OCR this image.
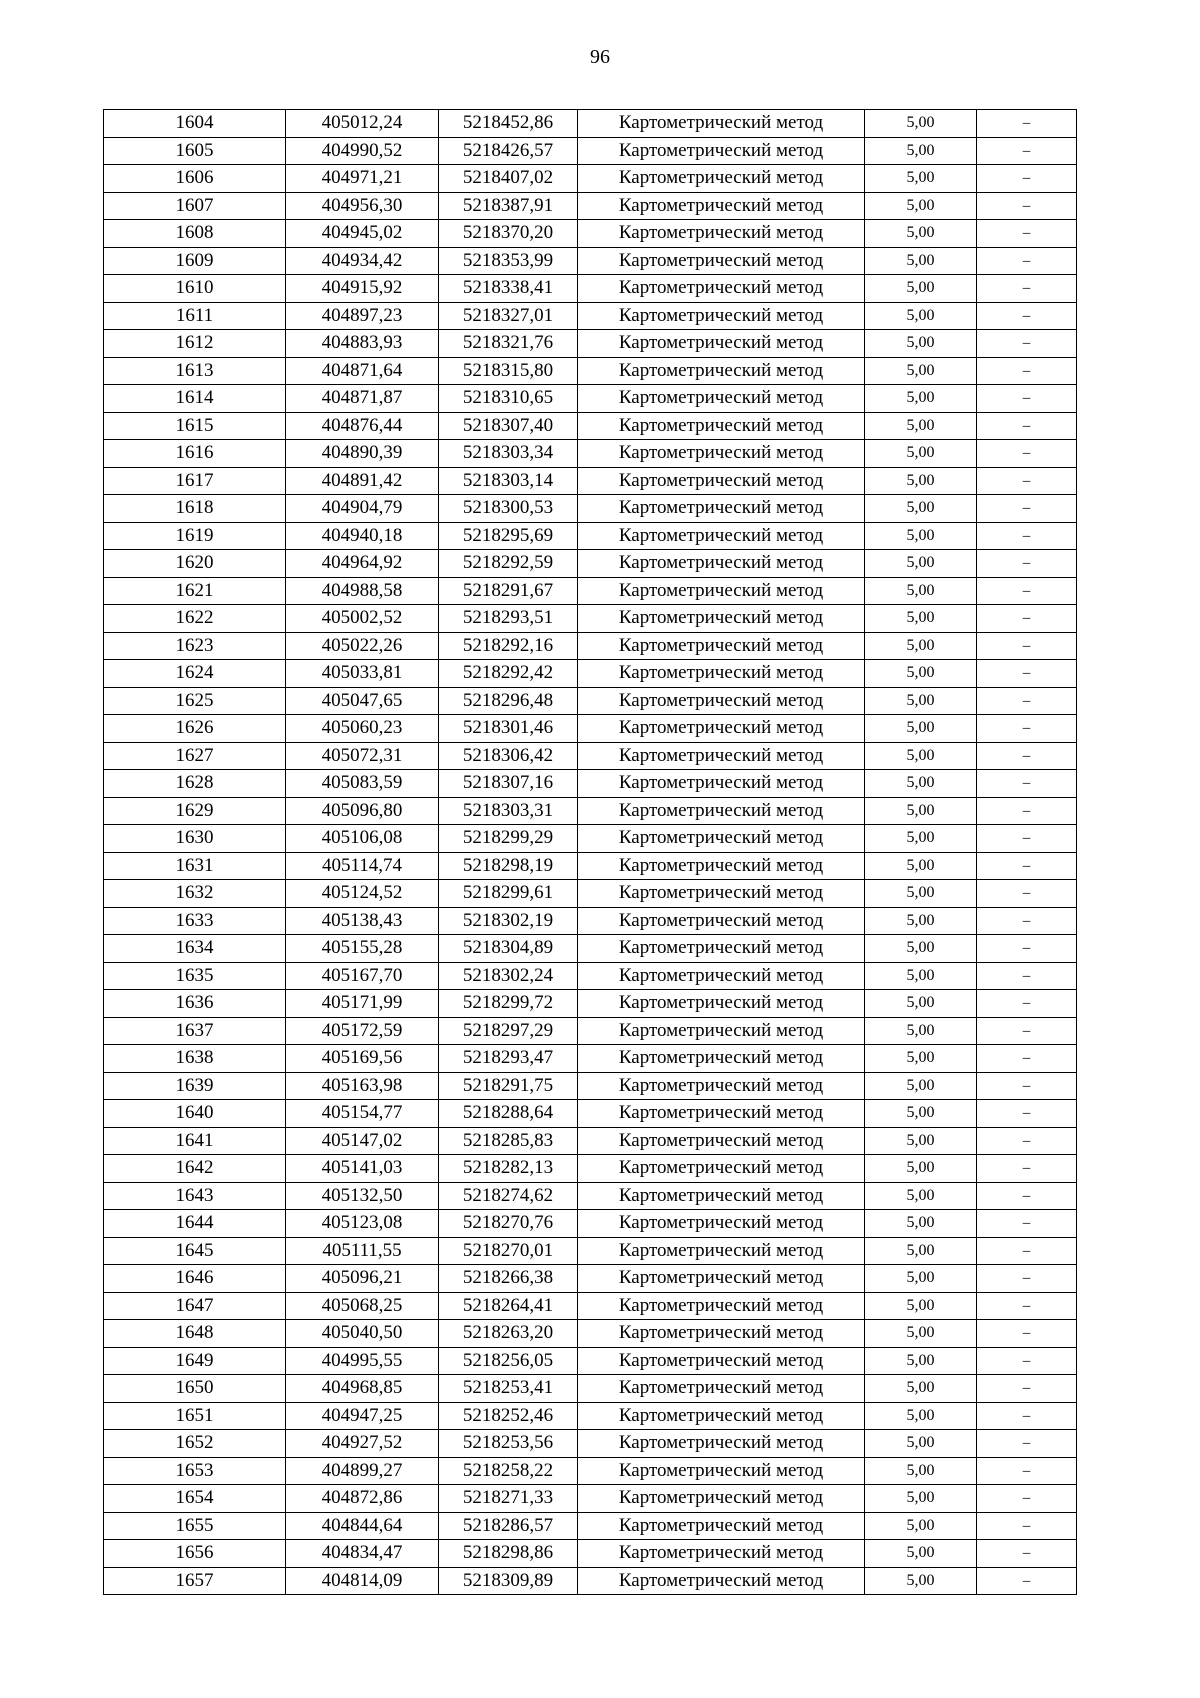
96
1604	405012,24	5218452,86	Картометрический метод	5,00	–
1605	404990,52	5218426,57	Картометрический метод	5,00	–
1606	404971,21	5218407,02	Картометрический метод	5,00	–
1607	404956,30	5218387,91	Картометрический метод	5,00	–
1608	404945,02	5218370,20	Картометрический метод	5,00	–
1609	404934,42	5218353,99	Картометрический метод	5,00	–
1610	404915,92	5218338,41	Картометрический метод	5,00	–
1611	404897,23	5218327,01	Картометрический метод	5,00	–
1612	404883,93	5218321,76	Картометрический метод	5,00	–
1613	404871,64	5218315,80	Картометрический метод	5,00	–
1614	404871,87	5218310,65	Картометрический метод	5,00	–
1615	404876,44	5218307,40	Картометрический метод	5,00	–
1616	404890,39	5218303,34	Картометрический метод	5,00	–
1617	404891,42	5218303,14	Картометрический метод	5,00	–
1618	404904,79	5218300,53	Картометрический метод	5,00	–
1619	404940,18	5218295,69	Картометрический метод	5,00	–
1620	404964,92	5218292,59	Картометрический метод	5,00	–
1621	404988,58	5218291,67	Картометрический метод	5,00	–
1622	405002,52	5218293,51	Картометрический метод	5,00	–
1623	405022,26	5218292,16	Картометрический метод	5,00	–
1624	405033,81	5218292,42	Картометрический метод	5,00	–
1625	405047,65	5218296,48	Картометрический метод	5,00	–
1626	405060,23	5218301,46	Картометрический метод	5,00	–
1627	405072,31	5218306,42	Картометрический метод	5,00	–
1628	405083,59	5218307,16	Картометрический метод	5,00	–
1629	405096,80	5218303,31	Картометрический метод	5,00	–
1630	405106,08	5218299,29	Картометрический метод	5,00	–
1631	405114,74	5218298,19	Картометрический метод	5,00	–
1632	405124,52	5218299,61	Картометрический метод	5,00	–
1633	405138,43	5218302,19	Картометрический метод	5,00	–
1634	405155,28	5218304,89	Картометрический метод	5,00	–
1635	405167,70	5218302,24	Картометрический метод	5,00	–
1636	405171,99	5218299,72	Картометрический метод	5,00	–
1637	405172,59	5218297,29	Картометрический метод	5,00	–
1638	405169,56	5218293,47	Картометрический метод	5,00	–
1639	405163,98	5218291,75	Картометрический метод	5,00	–
1640	405154,77	5218288,64	Картометрический метод	5,00	–
1641	405147,02	5218285,83	Картометрический метод	5,00	–
1642	405141,03	5218282,13	Картометрический метод	5,00	–
1643	405132,50	5218274,62	Картометрический метод	5,00	–
1644	405123,08	5218270,76	Картометрический метод	5,00	–
1645	405111,55	5218270,01	Картометрический метод	5,00	–
1646	405096,21	5218266,38	Картометрический метод	5,00	–
1647	405068,25	5218264,41	Картометрический метод	5,00	–
1648	405040,50	5218263,20	Картометрический метод	5,00	–
1649	404995,55	5218256,05	Картометрический метод	5,00	–
1650	404968,85	5218253,41	Картометрический метод	5,00	–
1651	404947,25	5218252,46	Картометрический метод	5,00	–
1652	404927,52	5218253,56	Картометрический метод	5,00	–
1653	404899,27	5218258,22	Картометрический метод	5,00	–
1654	404872,86	5218271,33	Картометрический метод	5,00	–
1655	404844,64	5218286,57	Картометрический метод	5,00	–
1656	404834,47	5218298,86	Картометрический метод	5,00	–
1657	404814,09	5218309,89	Картометрический метод	5,00	–
